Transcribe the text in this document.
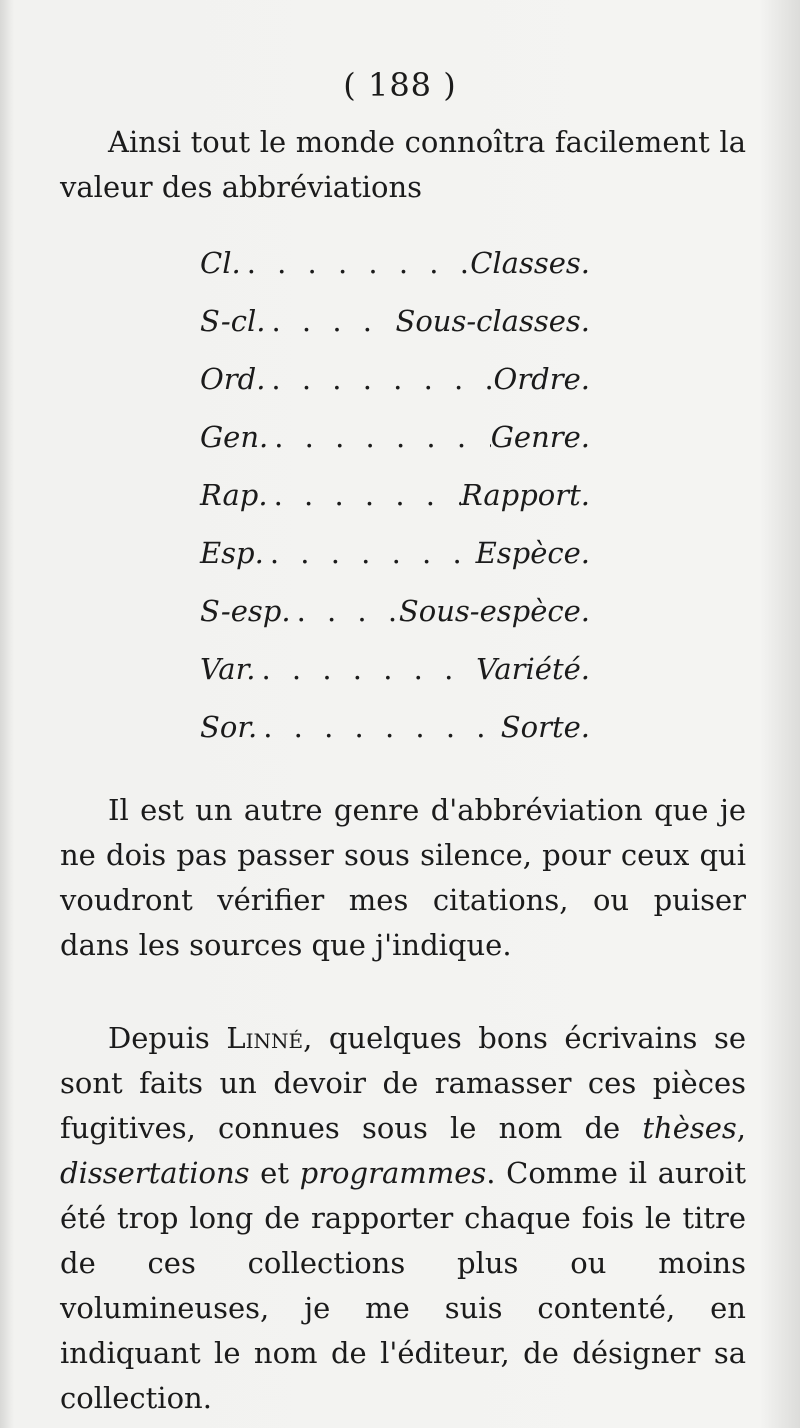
( 188 )

Ainsi tout le monde connoîtra facilement la valeur des abbréviations

Cl. . . .	Classes.
S-cl. . . .	Sous-classes.
Ord. . . .	Ordre.
Gen. . . .	Genre.
Rap. . . .	Rapport.
Esp. . . .	Espèce.
S-esp. . . .	Sous-espèce.
Var. . . .	Variété.
Sor. . . .	Sorte.

Il est un autre genre d'abbréviation que je ne dois pas passer sous silence, pour ceux qui voudront vérifier mes citations, ou puiser dans les sources que j'indique.

Depuis Linné, quelques bons écrivains se sont faits un devoir de ramasser ces pièces fugitives, connues sous le nom de thèses, dissertations et programmes. Comme il auroit été trop long de rapporter chaque fois le titre de ces collections plus ou moins volumineuses, je me suis contenté, en indiquant le nom de l'éditeur, de désigner sa collection.
